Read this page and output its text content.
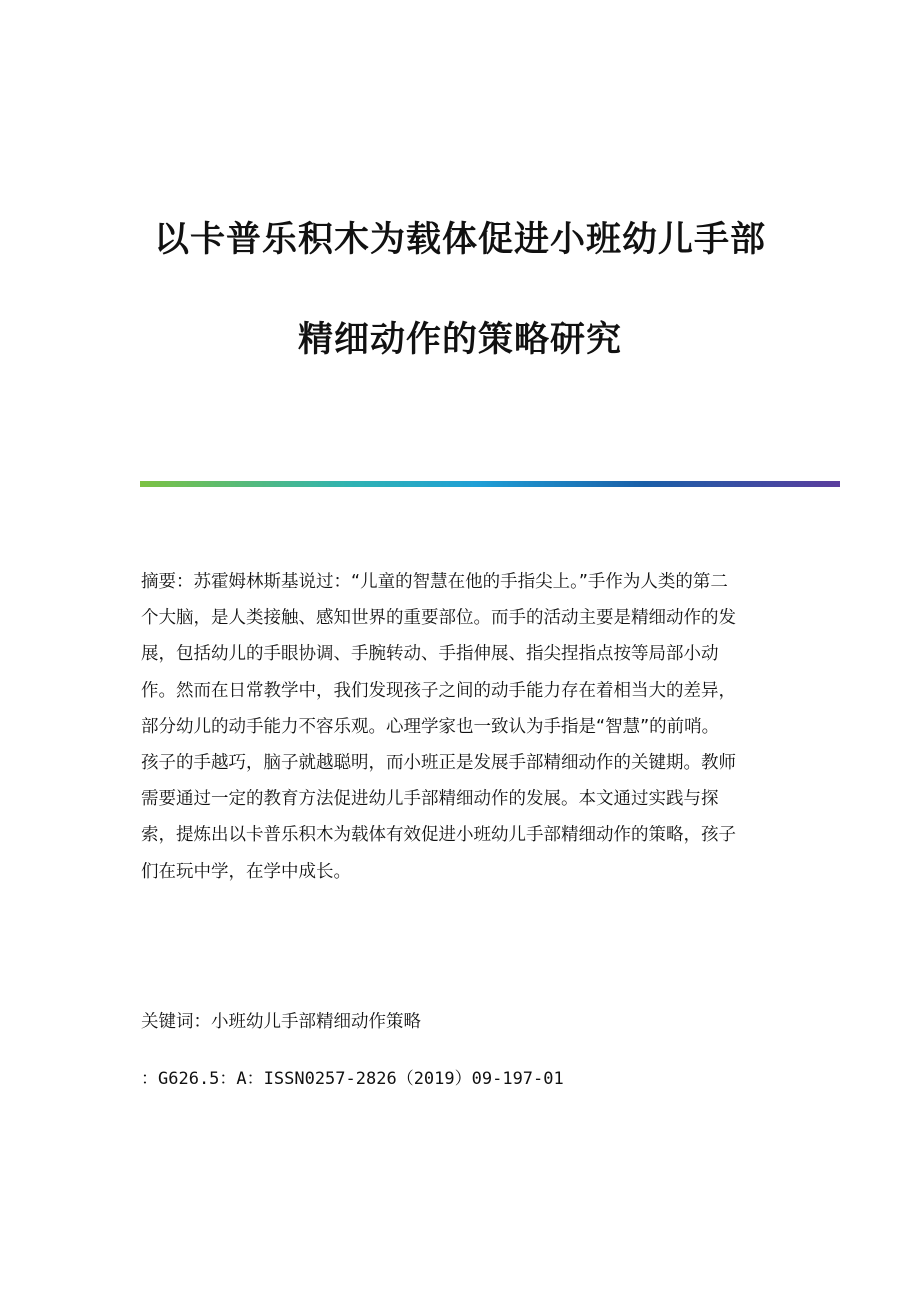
以卡普乐积木为载体促进小班幼儿手部
精细动作的策略研究
摘要：苏霍姆林斯基说过：“儿童的智慧在他的手指尖上。”手作为人类的第二
个大脑，是人类接触、感知世界的重要部位。而手的活动主要是精细动作的发
展，包括幼儿的手眼协调、手腕转动、手指伸展、指尖捏指点按等局部小动
作。然而在日常教学中，我们发现孩子之间的动手能力存在着相当大的差异，
部分幼儿的动手能力不容乐观。心理学家也一致认为手指是“智慧”的前哨。
孩子的手越巧，脑子就越聪明，而小班正是发展手部精细动作的关键期。教师
需要通过一定的教育方法促进幼儿手部精细动作的发展。本文通过实践与探
索，提炼出以卡普乐积木为载体有效促进小班幼儿手部精细动作的策略，孩子
们在玩中学，在学中成长。
关键词：小班幼儿手部精细动作策略
：G626.5：A：ISSN0257-2826（2019）09-197-01
